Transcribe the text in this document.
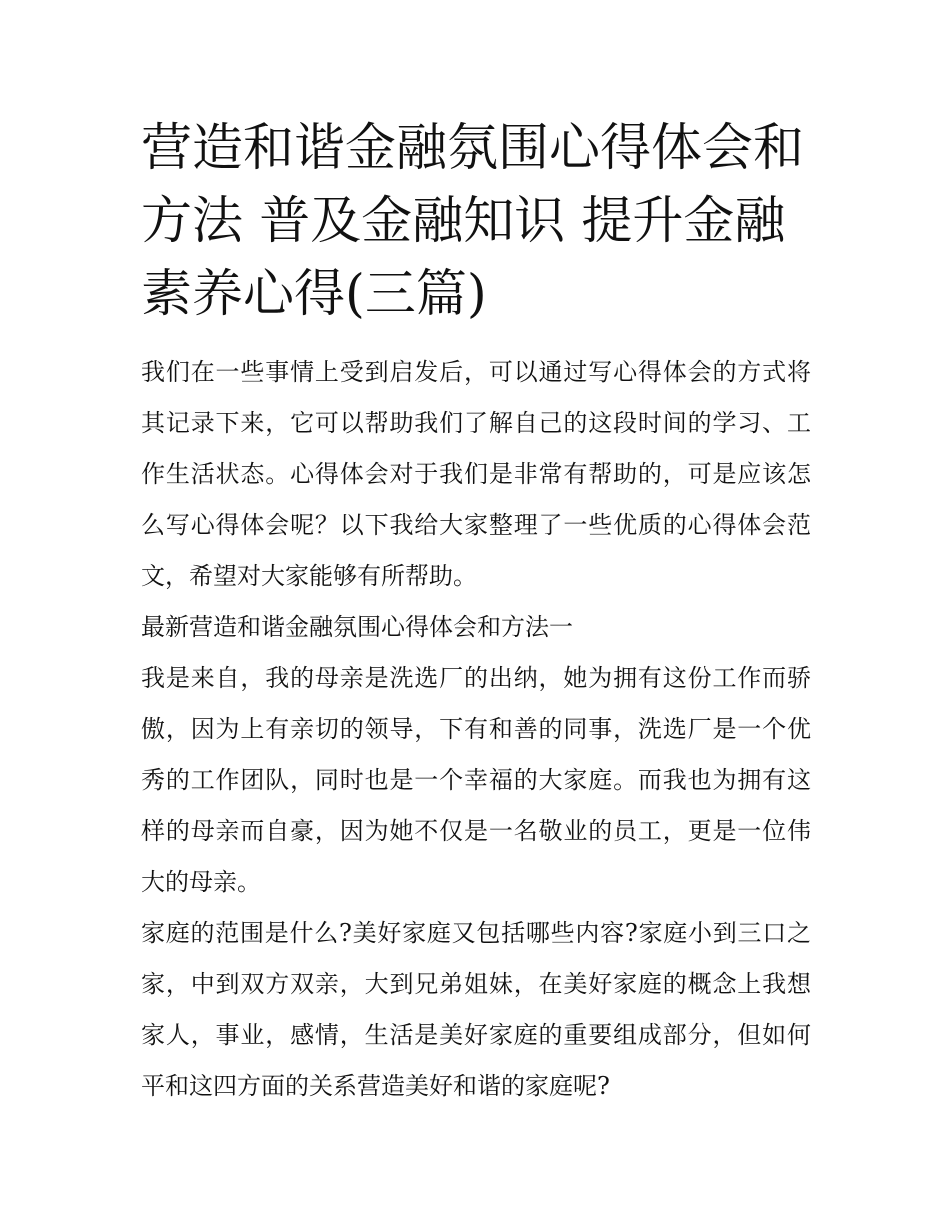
营造和谐金融氛围心得体会和方法 普及金融知识 提升金融素养心得(三篇)

我们在一些事情上受到启发后，可以通过写心得体会的方式将其记录下来，它可以帮助我们了解自己的这段时间的学习、工作生活状态。心得体会对于我们是非常有帮助的，可是应该怎么写心得体会呢？以下我给大家整理了一些优质的心得体会范文，希望对大家能够有所帮助。

最新营造和谐金融氛围心得体会和方法一

我是来自，我的母亲是洗选厂的出纳，她为拥有这份工作而骄傲，因为上有亲切的领导，下有和善的同事，洗选厂是一个优秀的工作团队，同时也是一个幸福的大家庭。而我也为拥有这样的母亲而自豪，因为她不仅是一名敬业的员工，更是一位伟大的母亲。

家庭的范围是什么?美好家庭又包括哪些内容?家庭小到三口之家，中到双方双亲，大到兄弟姐妹，在美好家庭的概念上我想家人，事业，感情，生活是美好家庭的重要组成部分，但如何平和这四方面的关系营造美好和谐的家庭呢?
